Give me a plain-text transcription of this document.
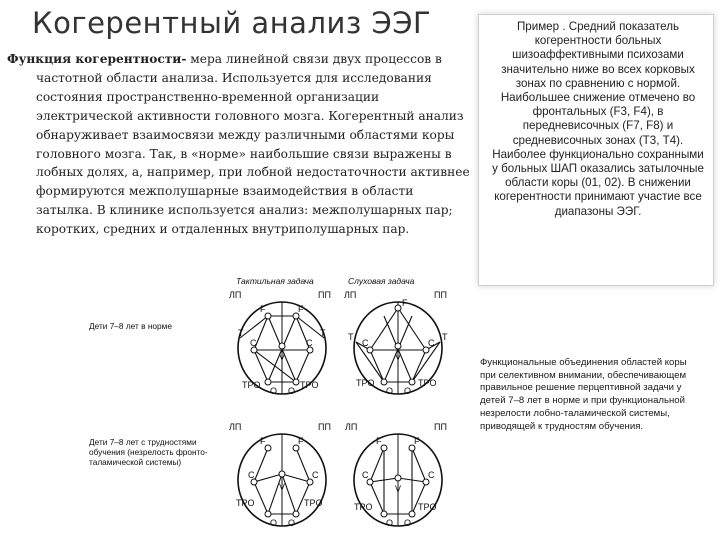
Когерентный анализ ЭЭГ

Функция когерентности- мера линейной связи двух процессов в частотной области анализа. Используется для исследования состояния пространственно-временной организации электрической активности головного мозга. Когерентный анализ обнаруживает взаимосвязи между различными областями коры головного мозга. Так, в «норме» наибольшие связи выражены в лобных долях, а, например, при лобной недостаточности активнее формируются межполушарные взаимодействия в области затылка. В клинике используется анализ: межполушарных пар; коротких, средних и отдаленных внутриполушарных пар.

Пример . Средний показатель когерентности больных шизоаффективными психозами значительно ниже во всех корковых зонах по сравнению с нормой. Наибольшее снижение отмечено во фронтальных (F3, F4), в передневисочных (F7, F8) и средневисочных зонах (Т3, Т4). Наиболее функционально сохранными у больных ШАП оказались затылочные области коры (01, 02). В снижении когерентности принимают участие все диапазоны ЭЭГ.
Тактильная задача	Слуховая задача
Дети 7–8 лет в норме
Дети 7–8 лет с трудностями обучения (незрелость фронто-таламической системы)
ЛП	ПП
F	F
C	C
T	T
V
TPO	TPO
O O
ЛП	ПП
F
C	C
T	T
V
TPO	TPO
O O
ЛП	ПП
F	F
C	C
V
TPO	TPO
O O
ЛП	ПП
F	F
C	C
V
TPO	TPO
O O
Функциональные объединения областей коры при селективном внимании, обеспечивающем правильное решение перцептивной задачи у детей 7–8 лет в норме и при функциональной незрелости лобно-таламической системы, приводящей к трудностям обучения.
